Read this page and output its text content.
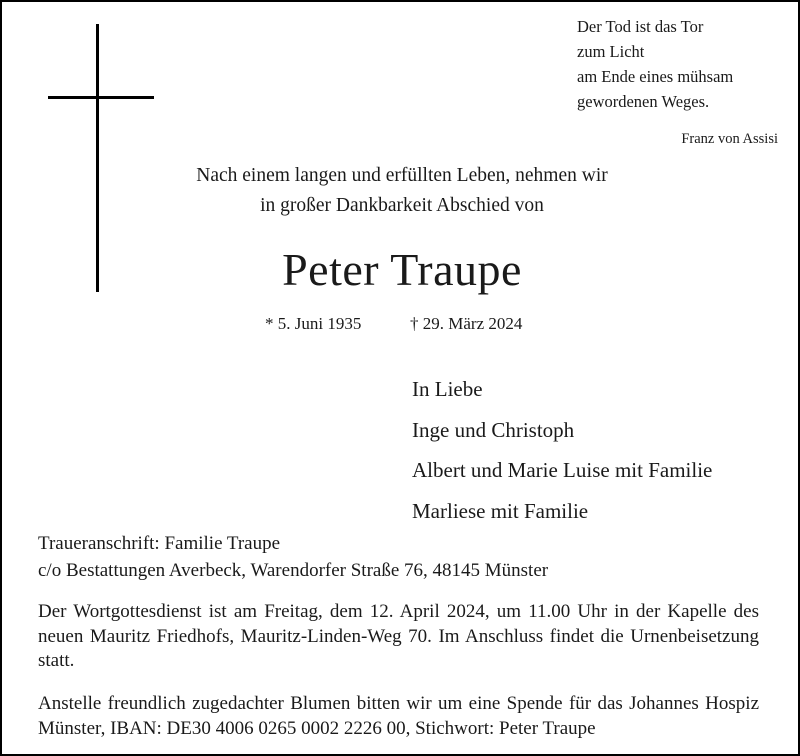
Der Tod ist das Tor
zum Licht
am Ende eines mühsam
gewordenen Weges.
Franz von Assisi
Nach einem langen und erfüllten Leben, nehmen wir
in großer Dankbarkeit Abschied von
Peter Traupe
* 5. Juni 1935	† 29. März 2024
In Liebe
Inge und Christoph
Albert und Marie Luise mit Familie
Marliese mit Familie
Traueranschrift: Familie Traupe
c/o Bestattungen Averbeck, Warendorfer Straße 76, 48145 Münster
Der Wortgottesdienst ist am Freitag, dem 12. April 2024, um 11.00 Uhr in der Kapelle des neuen Mauritz Friedhofs, Mauritz-Linden-Weg 70. Im Anschluss findet die Urnenbeisetzung statt.
Anstelle freundlich zugedachter Blumen bitten wir um eine Spende für das Johannes Hospiz Münster, IBAN: DE30 4006 0265 0002 2226 00, Stichwort: Peter Traupe
